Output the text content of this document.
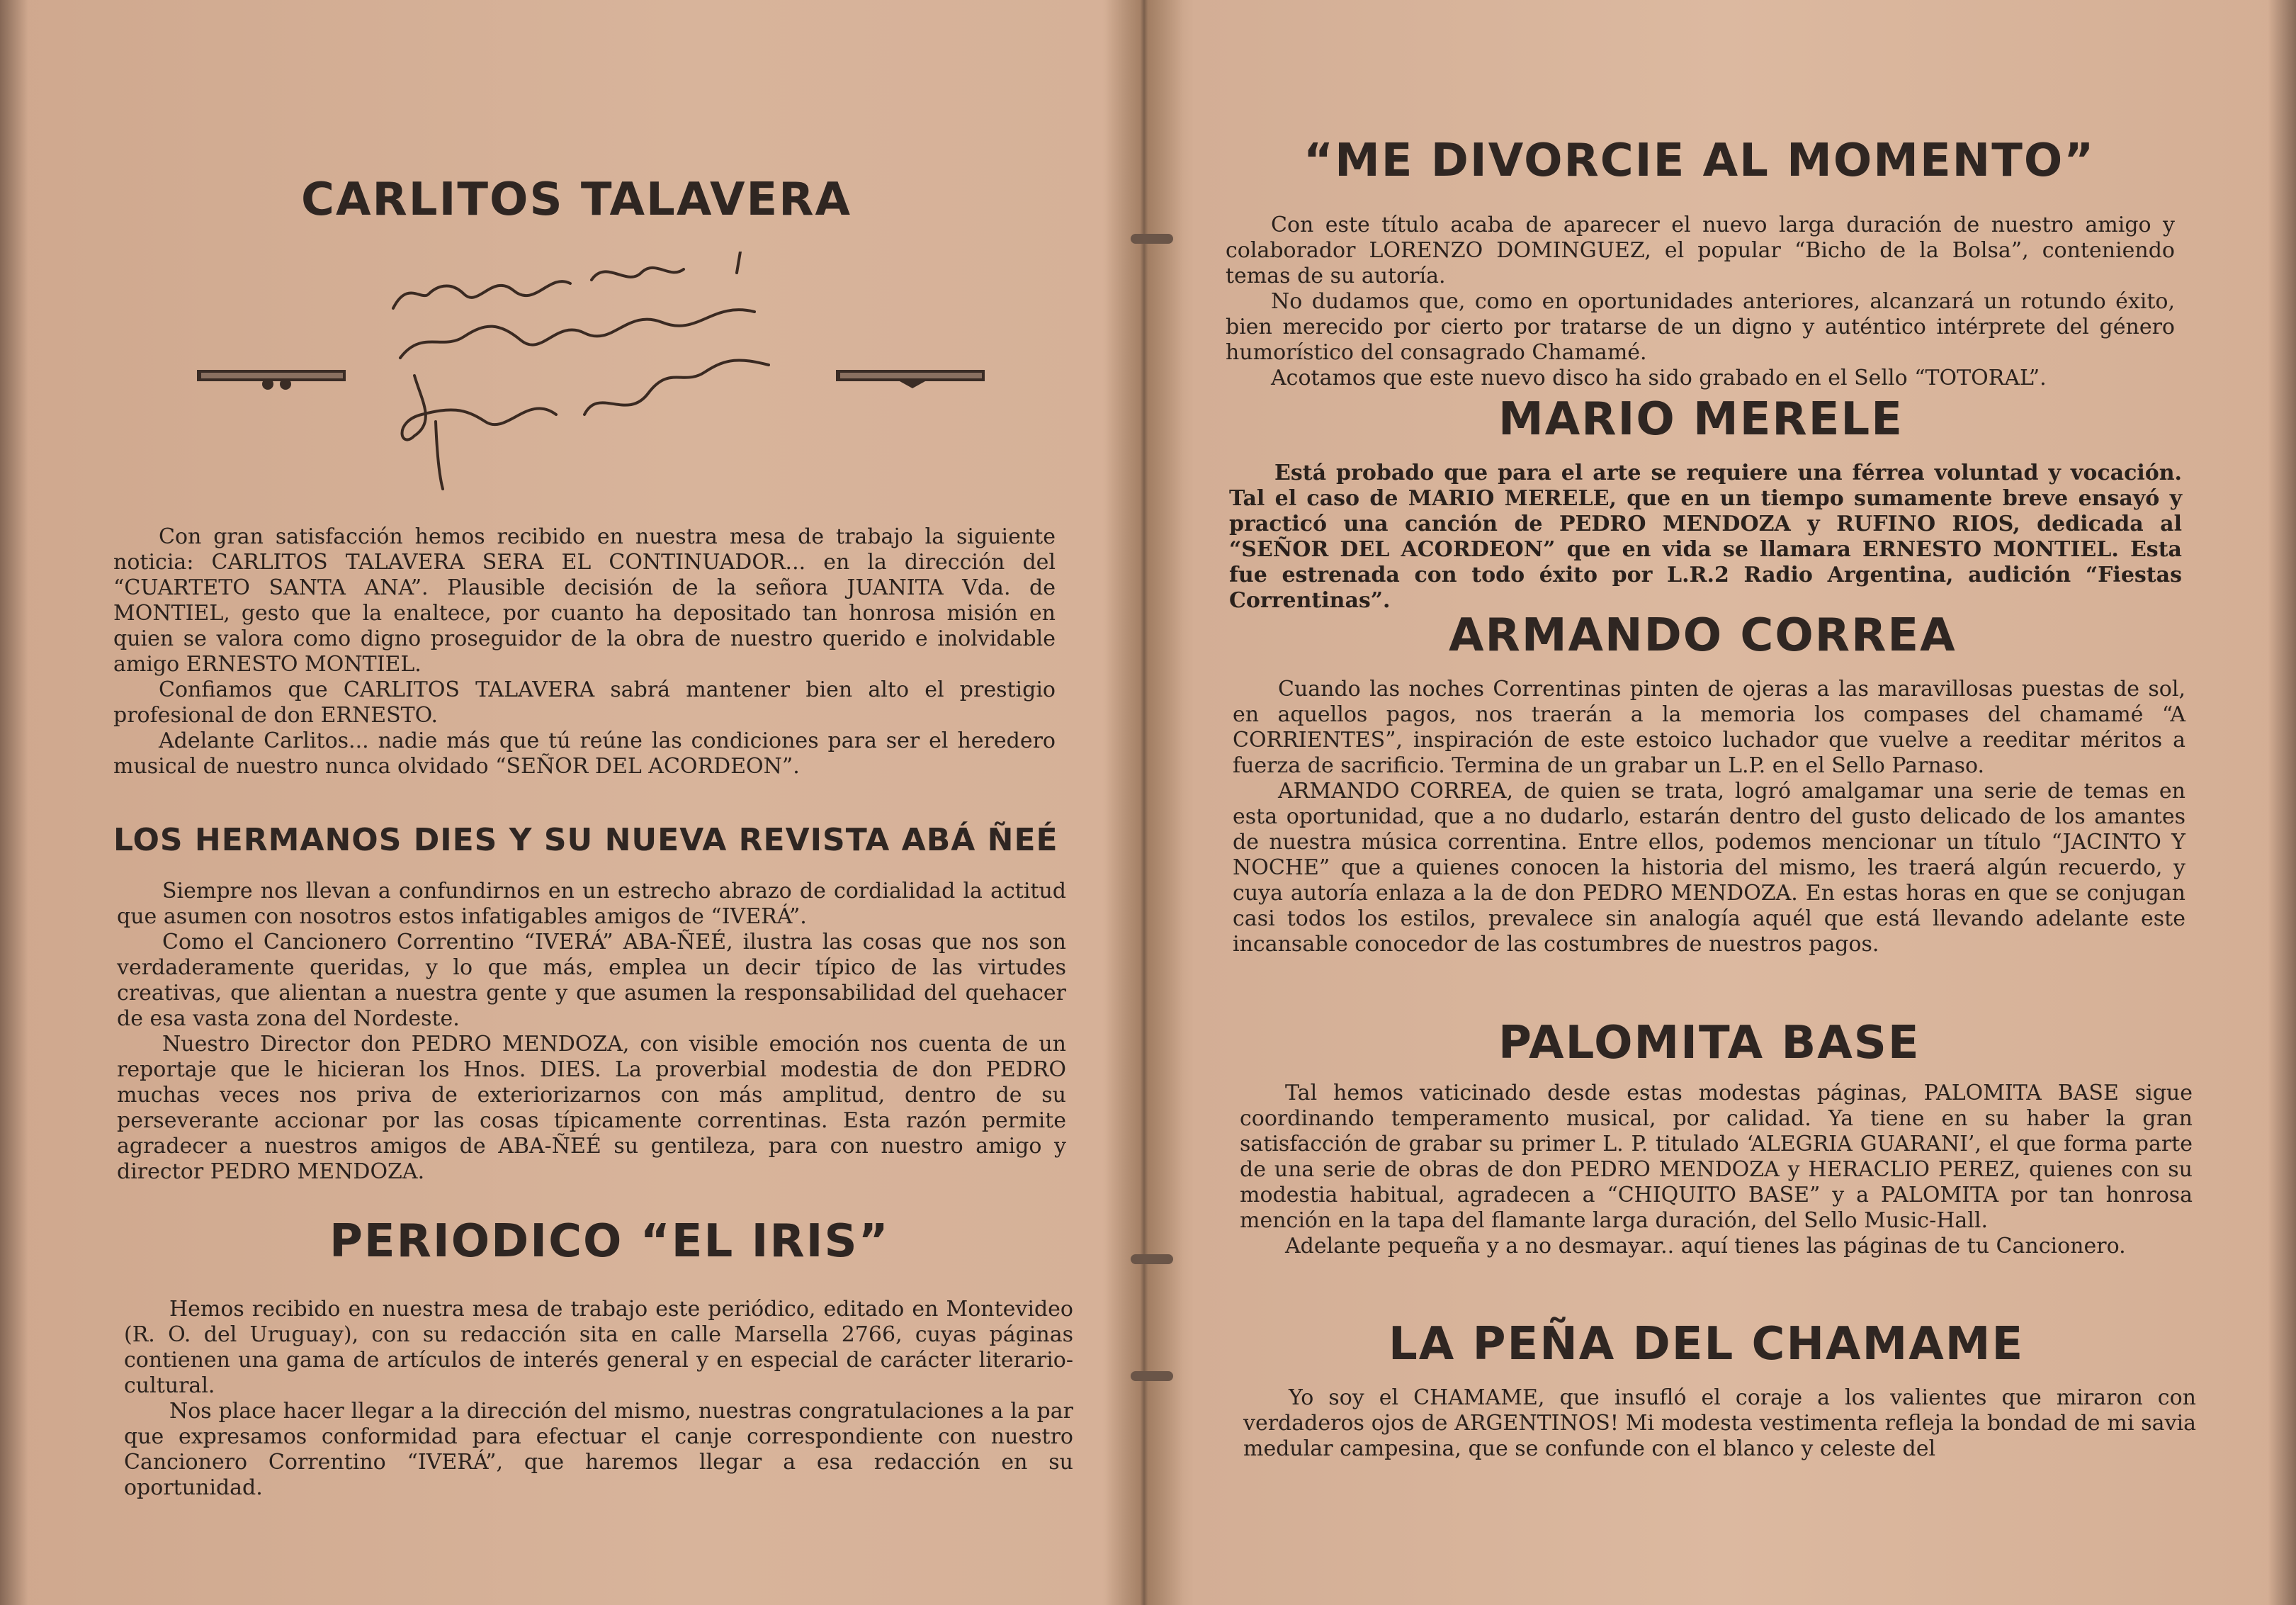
CARLITOS TALAVERA

Con gran satisfacción hemos recibido en nuestra mesa de trabajo la siguiente noticia: CARLITOS TALAVERA SERA EL CONTINUADOR... en la dirección del “CUARTETO SANTA ANA”. Plausible decisión de la señora JUANITA Vda. de MONTIEL, gesto que la enaltece, por cuanto ha depositado tan honrosa misión en quien se valora como digno proseguidor de la obra de nuestro querido e inolvidable amigo ERNESTO MONTIEL.

Confiamos que CARLITOS TALAVERA sabrá mantener bien alto el prestigio profesional de don ERNESTO.

Adelante Carlitos... nadie más que tú reúne las condiciones para ser el heredero musical de nuestro nunca olvidado “SEÑOR DEL ACORDEON”.

LOS HERMANOS DIES Y SU NUEVA REVISTA ABÁ ÑEÉ

Siempre nos llevan a confundirnos en un estrecho abrazo de cordialidad la actitud que asumen con nosotros estos infatigables amigos de “IVERÁ”.

Como el Cancionero Correntino “IVERÁ” ABA-ÑEÉ, ilustra las cosas que nos son verdaderamente queridas, y lo que más, emplea un decir típico de las virtudes creativas, que alientan a nuestra gente y que asumen la responsabilidad del quehacer de esa vasta zona del Nordeste.

Nuestro Director don PEDRO MENDOZA, con visible emoción nos cuenta de un reportaje que le hicieran los Hnos. DIES. La proverbial modestia de don PEDRO muchas veces nos priva de exteriorizarnos con más amplitud, dentro de su perseverante accionar por las cosas típicamente correntinas. Esta razón permite agradecer a nuestros amigos de ABA-ÑEÉ su gentileza, para con nuestro amigo y director PEDRO MENDOZA.

PERIODICO “EL IRIS”

Hemos recibido en nuestra mesa de trabajo este periódico, editado en Montevideo (R. O. del Uruguay), con su redacción sita en calle Marsella 2766, cuyas páginas contienen una gama de artículos de interés general y en especial de carácter literario-cultural.

Nos place hacer llegar a la dirección del mismo, nuestras congratulaciones a la par que expresamos conformidad para efectuar el canje correspondiente con nuestro Cancionero Correntino “IVERÁ”, que haremos llegar a esa redacción en su oportunidad.

“ME DIVORCIE AL MOMENTO”

Con este título acaba de aparecer el nuevo larga duración de nuestro amigo y colaborador LORENZO DOMINGUEZ, el popular “Bicho de la Bolsa”, conteniendo temas de su autoría.

No dudamos que, como en oportunidades anteriores, alcanzará un rotundo éxito, bien merecido por cierto por tratarse de un digno y auténtico intérprete del género humorístico del consagrado Chamamé.

Acotamos que este nuevo disco ha sido grabado en el Sello “TOTORAL”.

MARIO MERELE

Está probado que para el arte se requiere una férrea voluntad y vocación. Tal el caso de MARIO MERELE, que en un tiempo sumamente breve ensayó y practicó una canción de PEDRO MENDOZA y RUFINO RIOS, dedicada al “SEÑOR DEL ACORDEON” que en vida se llamara ERNESTO MONTIEL. Esta fue estrenada con todo éxito por L.R.2 Radio Argentina, audición “Fiestas Correntinas”.

ARMANDO CORREA

Cuando las noches Correntinas pinten de ojeras a las maravillosas puestas de sol, en aquellos pagos, nos traerán a la memoria los compases del chamamé “A CORRIENTES”, inspiración de este estoico luchador que vuelve a reeditar méritos a fuerza de sacrificio. Termina de un grabar un L.P. en el Sello Parnaso.

ARMANDO CORREA, de quien se trata, logró amalgamar una serie de temas en esta oportunidad, que a no dudarlo, estarán dentro del gusto delicado de los amantes de nuestra música correntina. Entre ellos, podemos mencionar un título “JACINTO Y NOCHE” que a quienes conocen la historia del mismo, les traerá algún recuerdo, y cuya autoría enlaza a la de don PEDRO MENDOZA. En estas horas en que se conjugan casi todos los estilos, prevalece sin analogía aquél que está llevando adelante este incansable conocedor de las costumbres de nuestros pagos.

PALOMITA BASE

Tal hemos vaticinado desde estas modestas páginas, PALOMITA BASE sigue coordinando temperamento musical, por calidad. Ya tiene en su haber la gran satisfacción de grabar su primer L. P. titulado ‘ALEGRIA GUARANI’, el que forma parte de una serie de obras de don PEDRO MENDOZA y HERACLIO PEREZ, quienes con su modestia habitual, agradecen a “CHIQUITO BASE” y a PALOMITA por tan honrosa mención en la tapa del flamante larga duración, del Sello Music-Hall.

Adelante pequeña y a no desmayar.. aquí tienes las páginas de tu Cancionero.

LA PEÑA DEL CHAMAME

Yo soy el CHAMAME, que insufló el coraje a los valientes que miraron con verdaderos ojos de ARGENTINOS! Mi modesta vestimenta refleja la bondad de mi savia medular campesina, que se confunde con el blanco y celeste del
